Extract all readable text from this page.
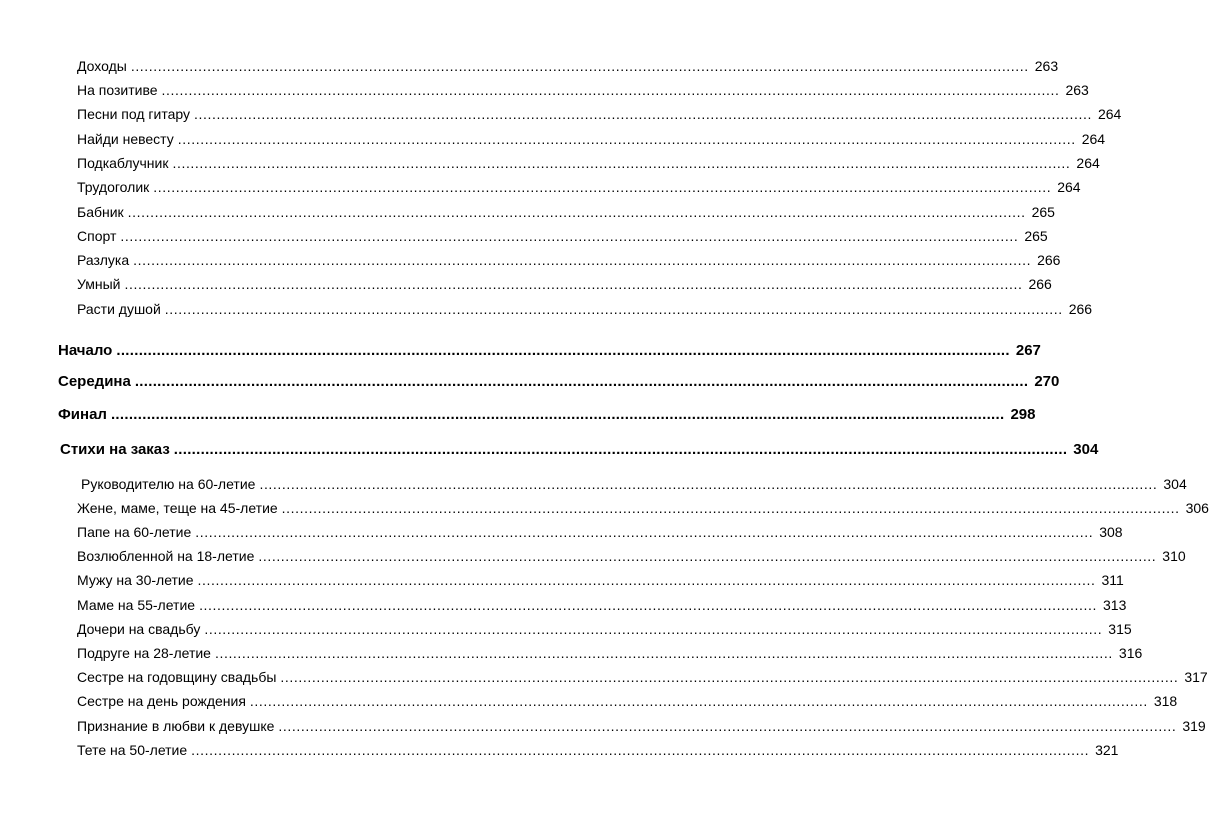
Доходы ........................................................................................................................................................................................................ 263
На позитиве ........................................................................................................................................................................................................ 263
Песни под гитару ........................................................................................................................................................................................................ 264
Найди невесту ........................................................................................................................................................................................................ 264
Подкаблучник ........................................................................................................................................................................................................ 264
Трудоголик ........................................................................................................................................................................................................ 264
Бабник ........................................................................................................................................................................................................ 265
Спорт ........................................................................................................................................................................................................ 265
Разлука ........................................................................................................................................................................................................ 266
Умный ........................................................................................................................................................................................................ 266
Расти душой ........................................................................................................................................................................................................ 266
Начало ........................................................................................................................................................................................................ 267
Середина ........................................................................................................................................................................................................ 270
Финал ........................................................................................................................................................................................................ 298
Стихи на заказ ........................................................................................................................................................................................................ 304
Руководителю на 60-летие ........................................................................................................................................................................................................ 304
Жене, маме, теще на 45-летие ........................................................................................................................................................................................................ 306
Папе на 60-летие ........................................................................................................................................................................................................ 308
Возлюбленной на 18-летие ........................................................................................................................................................................................................ 310
Мужу на 30-летие ........................................................................................................................................................................................................ 311
Маме на 55-летие ........................................................................................................................................................................................................ 313
Дочери на свадьбу ........................................................................................................................................................................................................ 315
Подруге на 28-летие ........................................................................................................................................................................................................ 316
Сестре на годовщину свадьбы ........................................................................................................................................................................................................ 317
Сестре на день рождения ........................................................................................................................................................................................................ 318
Признание в любви к девушке ........................................................................................................................................................................................................ 319
Тете на 50-летие ........................................................................................................................................................................................................ 321
